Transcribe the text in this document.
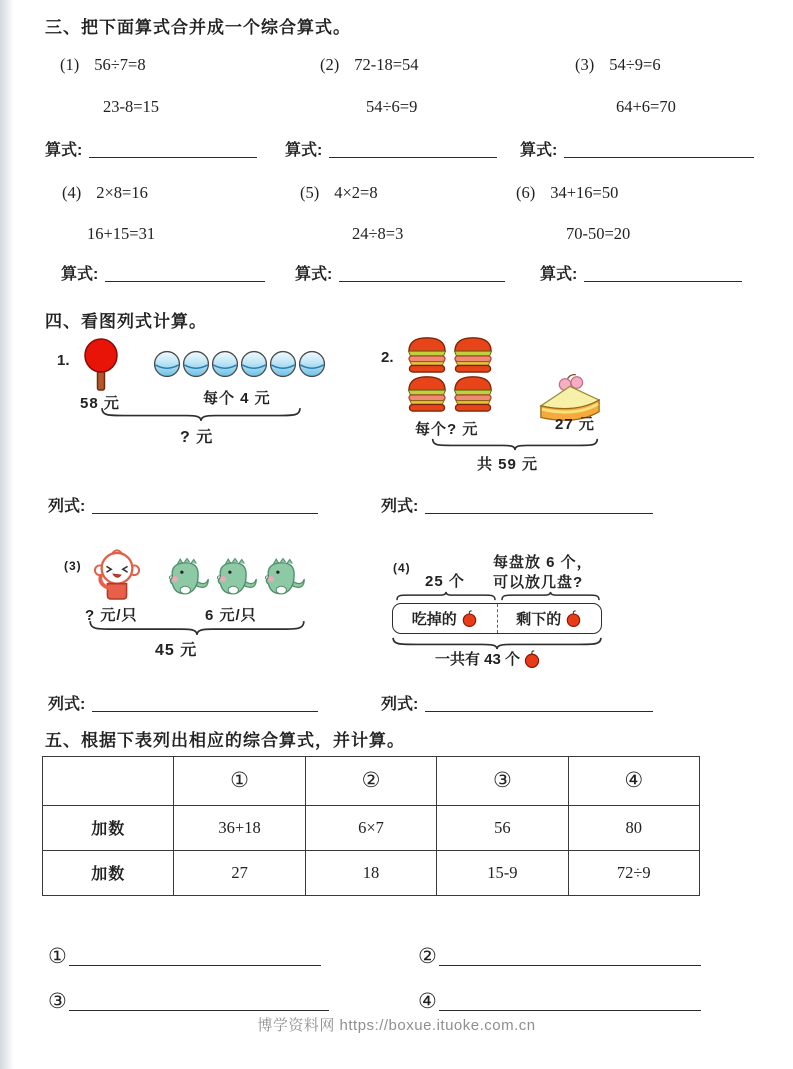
三、把下面算式合并成一个综合算式。
(1) 56÷7=8	(2) 72-18=54	(3) 54÷9=6
23-8=15	54÷6=9	64+6=70
算式:	算式:	算式:
(4) 2×8=16	(5) 4×2=8	(6) 34+16=50
16+15=31	24÷8=3	70-50=20
算式:	算式:	算式:
四、看图列式计算。
1.
58 元	每个 4 元
? 元
2.
每个? 元	27 元
共 59 元
列式:	列式:
(3)
? 元/只	6 元/只
45 元
(4)
25 个
每盘放 6 个，
可以放几盘?
吃掉的	剩下的
一共有 43 个
列式:	列式:
五、根据下表列出相应的综合算式，并计算。
	①	②	③	④
加数	36+18	6×7	56	80
加数	27	18	15-9	72÷9
①	②
③	④
博学资料网 https://boxue.ituoke.com.cn
